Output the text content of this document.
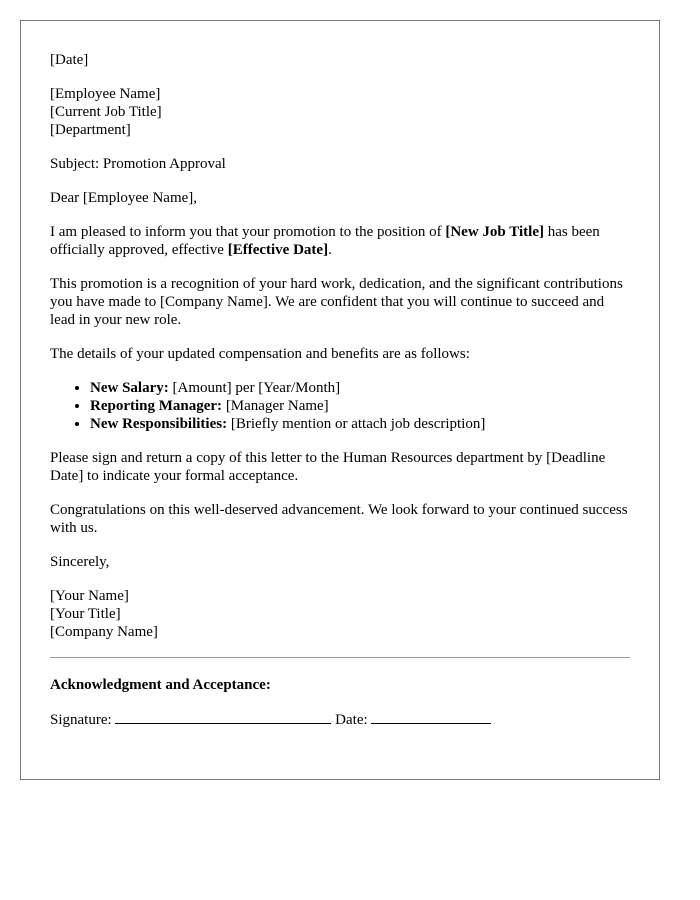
[Date]

[Employee Name]
[Current Job Title]
[Department]

Subject: Promotion Approval

Dear [Employee Name],

I am pleased to inform you that your promotion to the position of [New Job Title] has been officially approved, effective [Effective Date].

This promotion is a recognition of your hard work, dedication, and the significant contributions you have made to [Company Name]. We are confident that you will continue to succeed and lead in your new role.

The details of your updated compensation and benefits are as follows:

• New Salary: [Amount] per [Year/Month]
• Reporting Manager: [Manager Name]
• New Responsibilities: [Briefly mention or attach job description]

Please sign and return a copy of this letter to the Human Resources department by [Deadline Date] to indicate your formal acceptance.

Congratulations on this well-deserved advancement. We look forward to your continued success with us.

Sincerely,

[Your Name]
[Your Title]
[Company Name]

Acknowledgment and Acceptance:

Signature:	Date:
